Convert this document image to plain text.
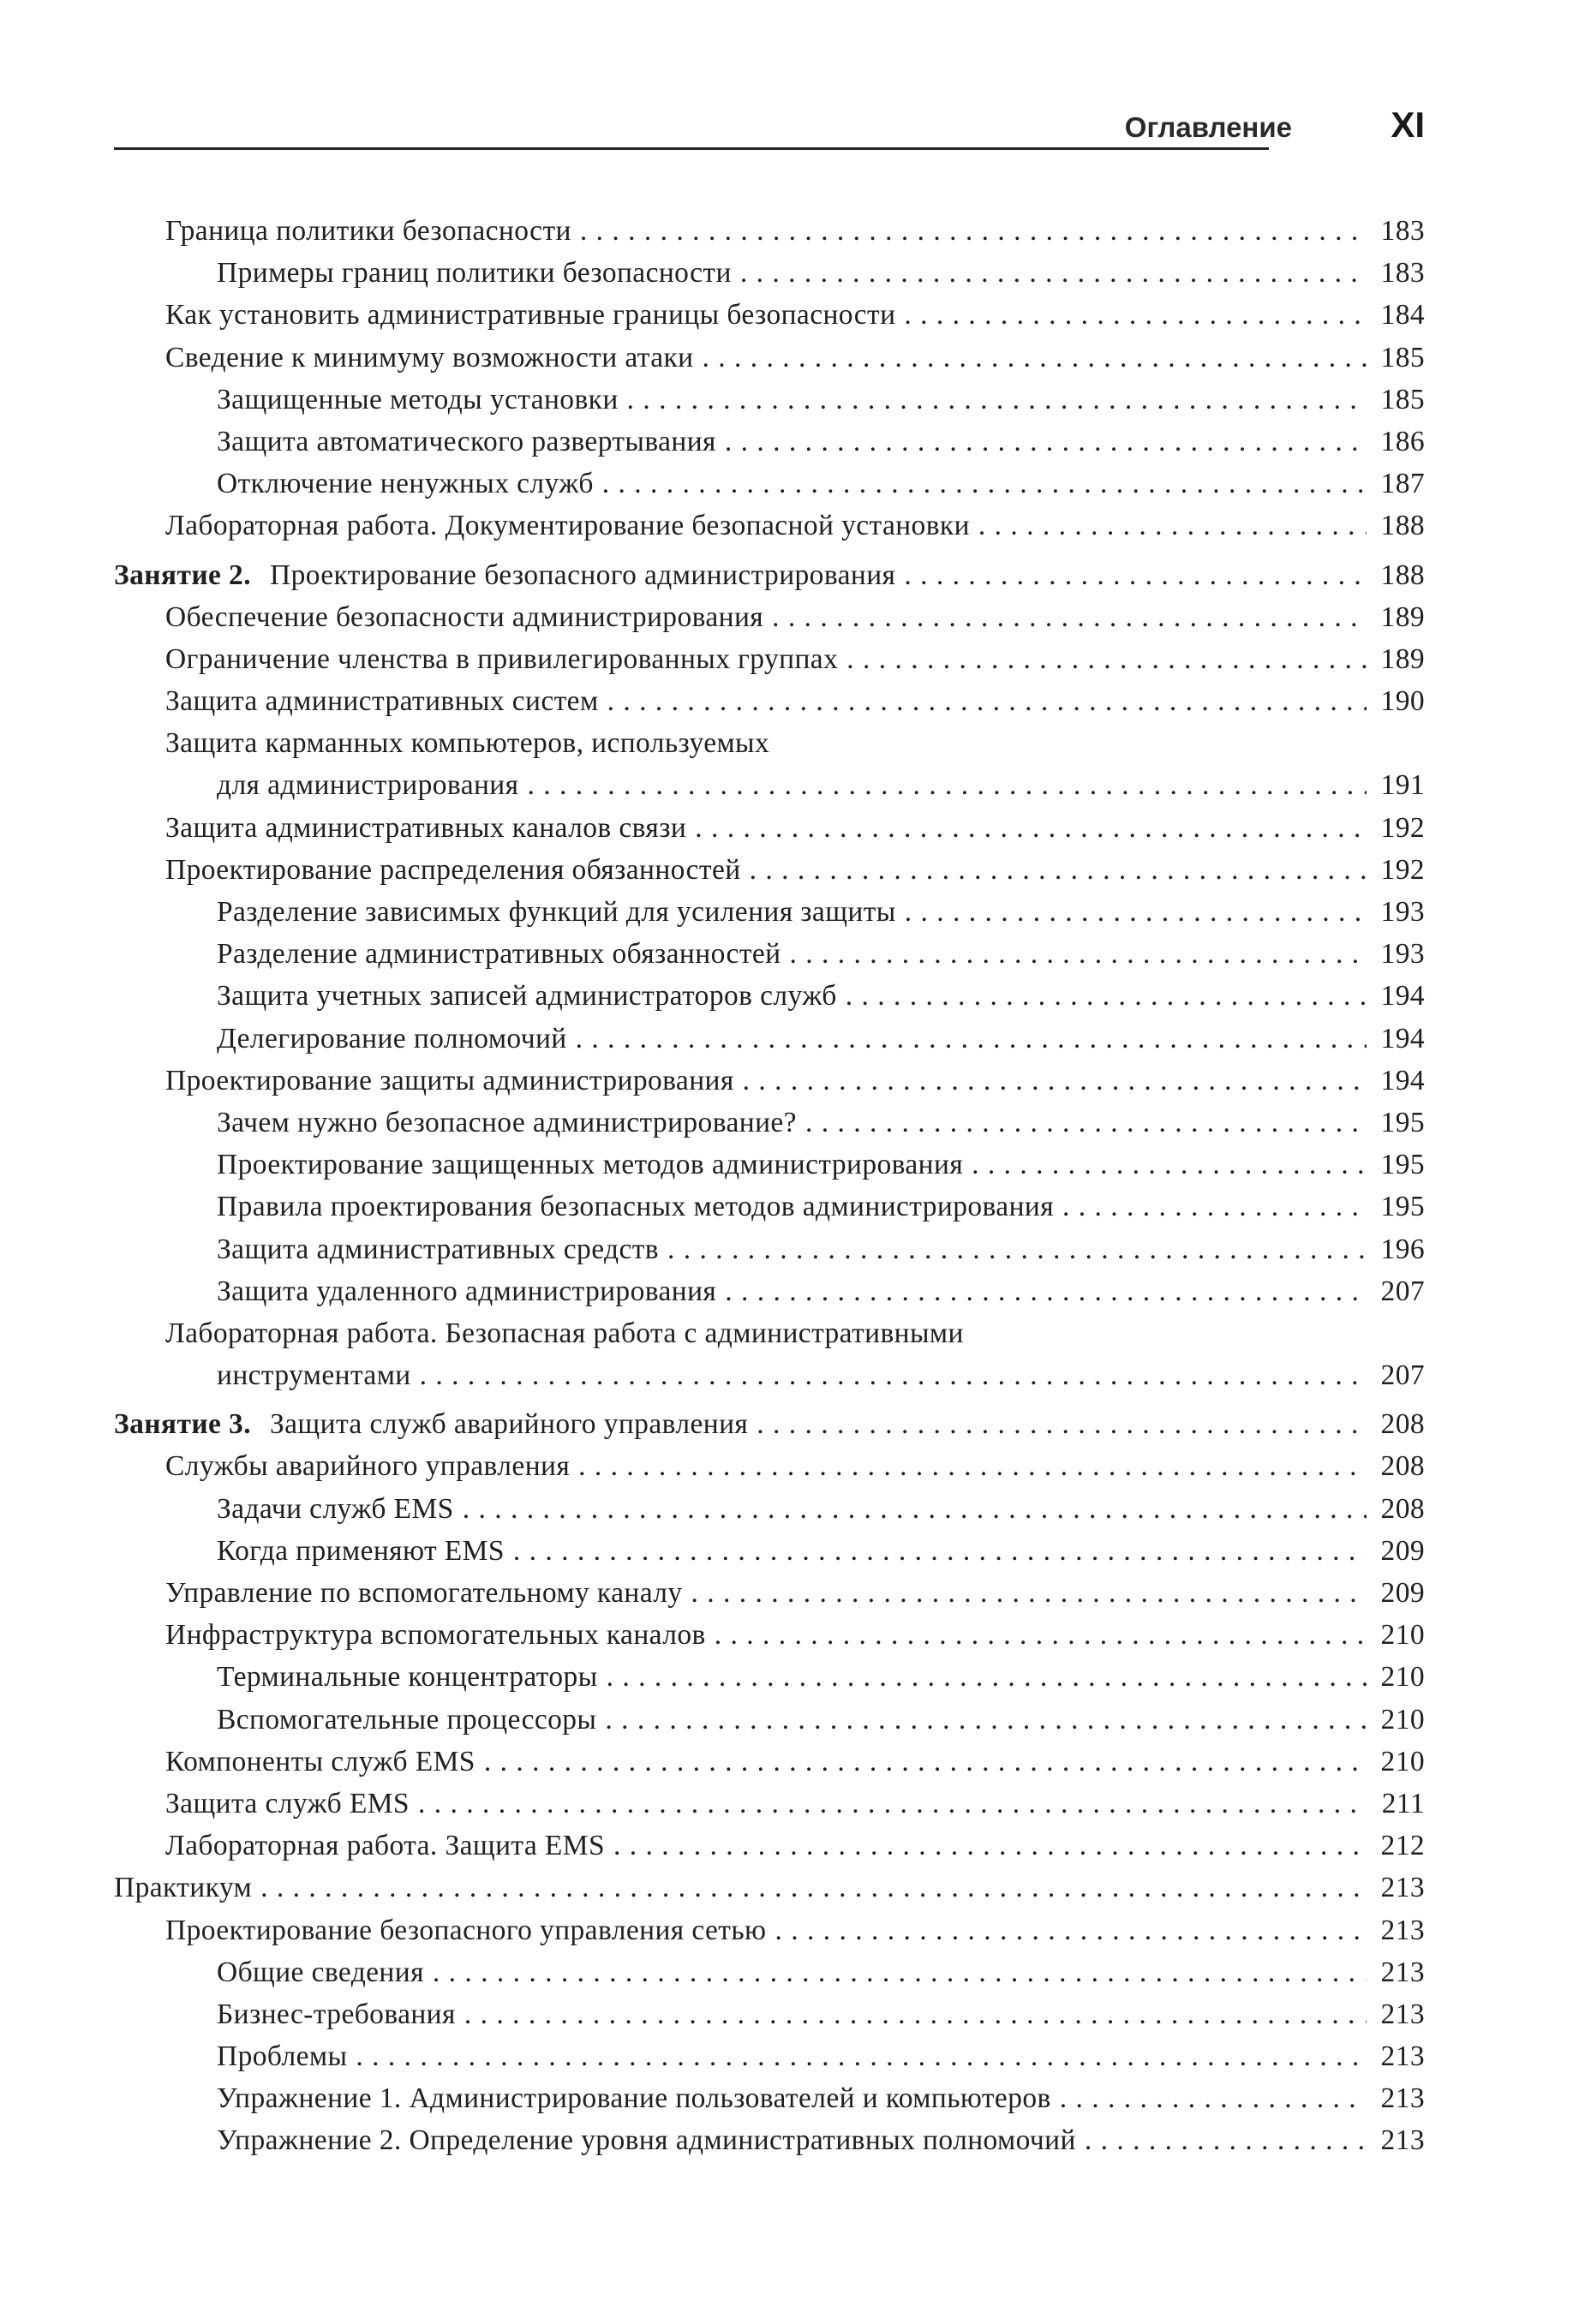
Оглавление	XI
Граница политики безопасности . . .	183
Примеры границ политики безопасности . . .	183
Как установить административные границы безопасности . . .	184
Сведение к минимуму возможности атаки . . .	185
Защищенные методы установки . . .	185
Защита автоматического развертывания . . .	186
Отключение ненужных служб . . .	187
Лабораторная работа. Документирование безопасной установки . . .	188
Занятие 2. Проектирование безопасного администрирования . . .	188
Обеспечение безопасности администрирования . . .	189
Ограничение членства в привилегированных группах . . .	189
Защита административных систем . . .	190
Защита карманных компьютеров, используемых
для администрирования . . .	191
Защита административных каналов связи . . .	192
Проектирование распределения обязанностей . . .	192
Разделение зависимых функций для усиления защиты . . .	193
Разделение административных обязанностей . . .	193
Защита учетных записей администраторов служб . . .	194
Делегирование полномочий . . .	194
Проектирование защиты администрирования . . .	194
Зачем нужно безопасное администрирование? . . .	195
Проектирование защищенных методов администрирования . . .	195
Правила проектирования безопасных методов администрирования . . .	195
Защита административных средств . . .	196
Защита удаленного администрирования . . .	207
Лабораторная работа. Безопасная работа с административными
инструментами . . .	207
Занятие 3. Защита служб аварийного управления . . .	208
Службы аварийного управления . . .	208
Задачи служб EMS . . .	208
Когда применяют EMS . . .	209
Управление по вспомогательному каналу . . .	209
Инфраструктура вспомогательных каналов . . .	210
Терминальные концентраторы . . .	210
Вспомогательные процессоры . . .	210
Компоненты служб EMS . . .	210
Защита служб EMS . . .	211
Лабораторная работа. Защита EMS . . .	212
Практикум . . .	213
Проектирование безопасного управления сетью . . .	213
Общие сведения . . .	213
Бизнес-требования . . .	213
Проблемы . . .	213
Упражнение 1. Администрирование пользователей и компьютеров . . .	213
Упражнение 2. Определение уровня административных полномочий . . .	213
